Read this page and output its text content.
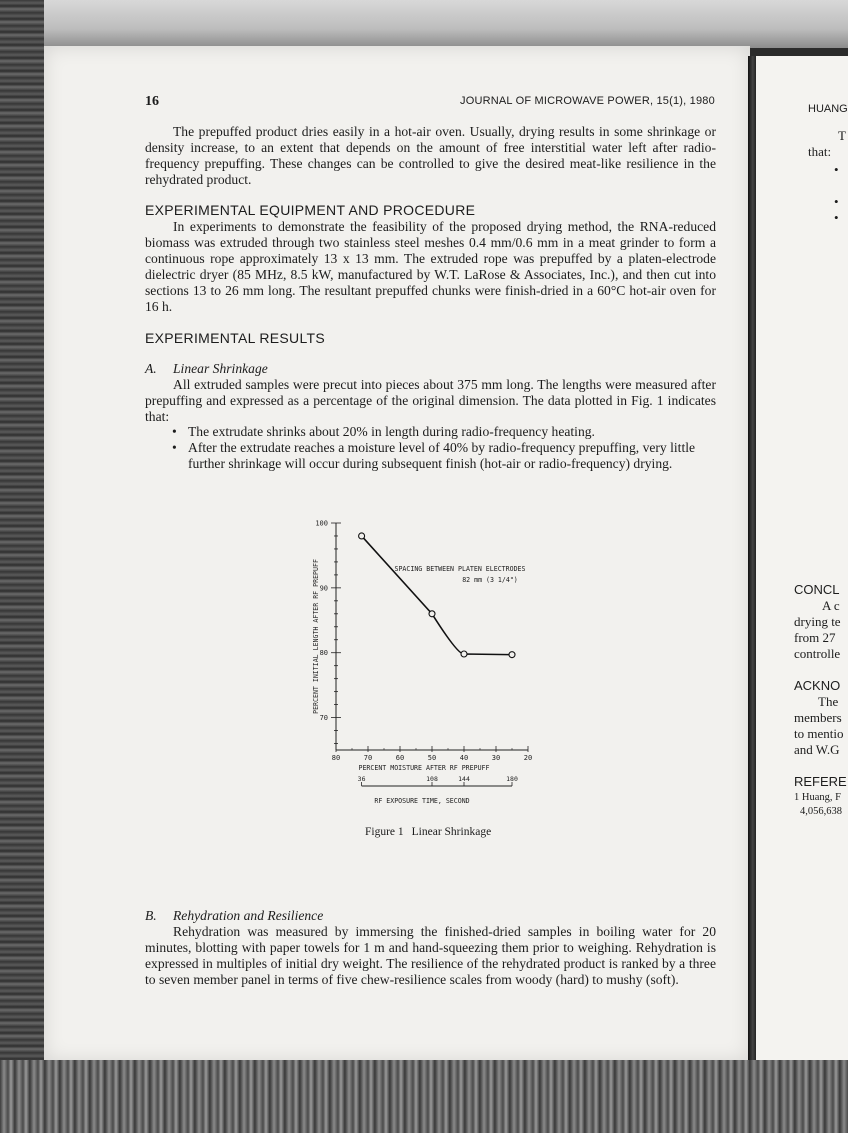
HUANG
T
that:
•
•
•
CONCL
A c
drying te
from 27
controlle
ACKNO
The
members
to mentio
and W.G
REFERE
1 Huang, F
4,056,638
16	JOURNAL OF MICROWAVE POWER, 15(1), 1980
The prepuffed product dries easily in a hot-air oven. Usually, drying results in some shrinkage or density increase, to an extent that depends on the amount of free interstitial water left after radio-frequency prepuffing. These changes can be controlled to give the desired meat-like resilience in the rehydrated product.
EXPERIMENTAL EQUIPMENT AND PROCEDURE
In experiments to demonstrate the feasibility of the proposed drying method, the RNA-reduced biomass was extruded through two stainless steel meshes 0.4 mm/0.6 mm in a meat grinder to form a continuous rope approximately 13 x 13 mm. The extruded rope was prepuffed by a platen-electrode dielectric dryer (85 MHz, 8.5 kW, manufactured by W.T. LaRose & Associates, Inc.), and then cut into sections 13 to 26 mm long. The resultant prepuffed chunks were finish-dried in a 60°C hot-air oven for 16 h.
EXPERIMENTAL RESULTS
A. Linear Shrinkage
All extruded samples were precut into pieces about 375 mm long. The lengths were measured after prepuffing and expressed as a percentage of the original dimension. The data plotted in Fig. 1 indicates that:
• The extrudate shrinks about 20% in length during radio-frequency heating.
• After the extrudate reaches a moisture level of 40% by radio-frequency prepuffing, very little further shrinkage will occur during subsequent finish (hot-air or radio-frequency) drying.
100
90
80
70
80	70	60	50	40	30	20
PERCENT MOISTURE AFTER RF PREPUFF
36	108	144	180
RF EXPOSURE TIME, SECOND
PERCENT INITIAL LENGTH AFTER RF PREPUFF	SPACING BETWEEN PLATEN ELECTRODES
82 mm (3 1/4")
Figure 1 Linear Shrinkage
B. Rehydration and Resilience
Rehydration was measured by immersing the finished-dried samples in boiling water for 20 minutes, blotting with paper towels for 1 m and hand-squeezing them prior to weighing. Rehydration is expressed in multiples of initial dry weight. The resilience of the rehydrated product is ranked by a three to seven member panel in terms of five chew-resilience scales from woody (hard) to mushy (soft).
